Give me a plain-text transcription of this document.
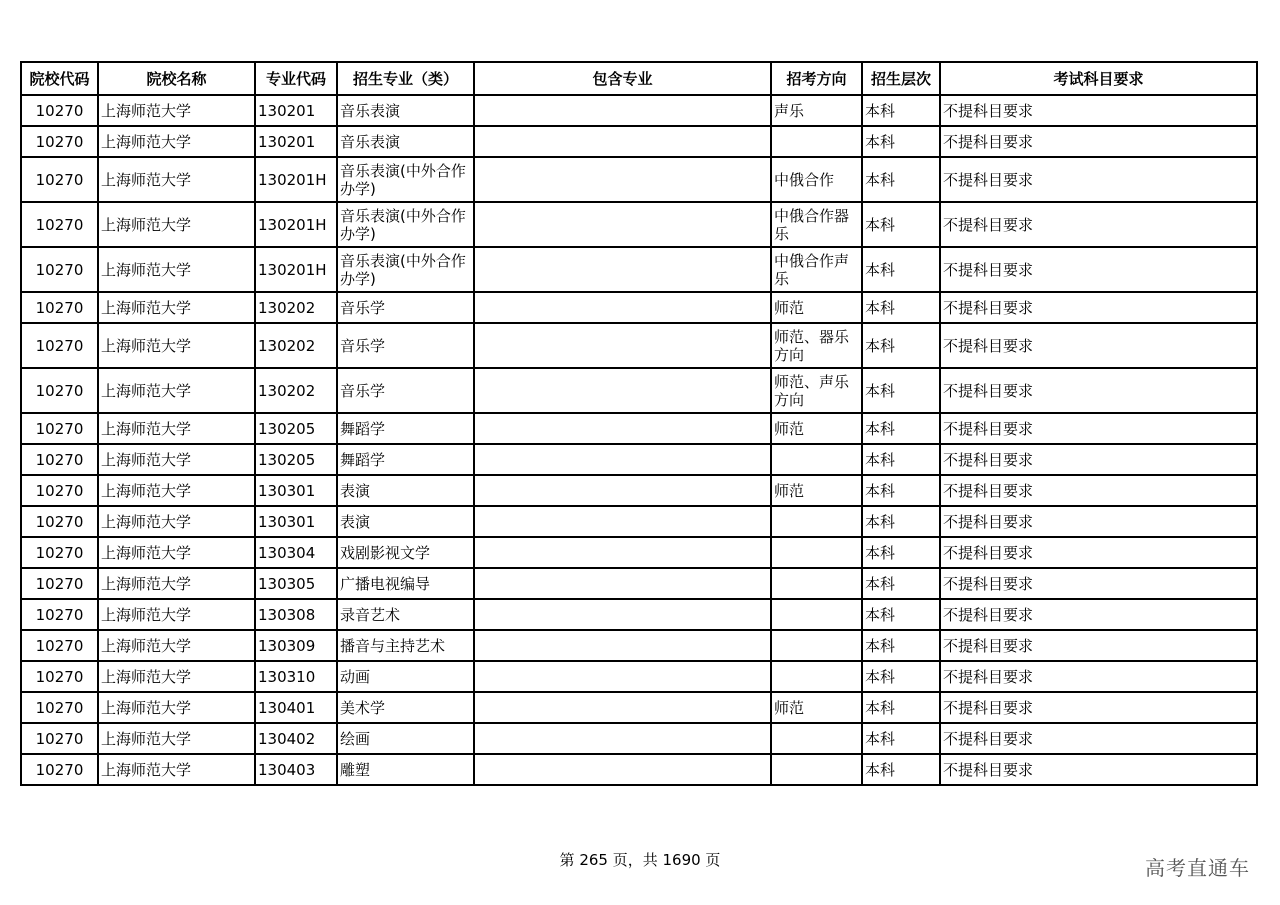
院校代码	院校名称	专业代码	招生专业（类）	包含专业	招考方向	招生层次	考试科目要求
10270	上海师范大学	130201	音乐表演		声乐	本科	不提科目要求
10270	上海师范大学	130201	音乐表演			本科	不提科目要求
10270	上海师范大学	130201H	音乐表演(中外合作办学)		中俄合作	本科	不提科目要求
10270	上海师范大学	130201H	音乐表演(中外合作办学)		中俄合作器乐	本科	不提科目要求
10270	上海师范大学	130201H	音乐表演(中外合作办学)		中俄合作声乐	本科	不提科目要求
10270	上海师范大学	130202	音乐学		师范	本科	不提科目要求
10270	上海师范大学	130202	音乐学		师范、器乐方向	本科	不提科目要求
10270	上海师范大学	130202	音乐学		师范、声乐方向	本科	不提科目要求
10270	上海师范大学	130205	舞蹈学		师范	本科	不提科目要求
10270	上海师范大学	130205	舞蹈学			本科	不提科目要求
10270	上海师范大学	130301	表演		师范	本科	不提科目要求
10270	上海师范大学	130301	表演			本科	不提科目要求
10270	上海师范大学	130304	戏剧影视文学			本科	不提科目要求
10270	上海师范大学	130305	广播电视编导			本科	不提科目要求
10270	上海师范大学	130308	录音艺术			本科	不提科目要求
10270	上海师范大学	130309	播音与主持艺术			本科	不提科目要求
10270	上海师范大学	130310	动画			本科	不提科目要求
10270	上海师范大学	130401	美术学		师范	本科	不提科目要求
10270	上海师范大学	130402	绘画			本科	不提科目要求
10270	上海师范大学	130403	雕塑			本科	不提科目要求
第 265 页，共 1690 页	高考直通车
